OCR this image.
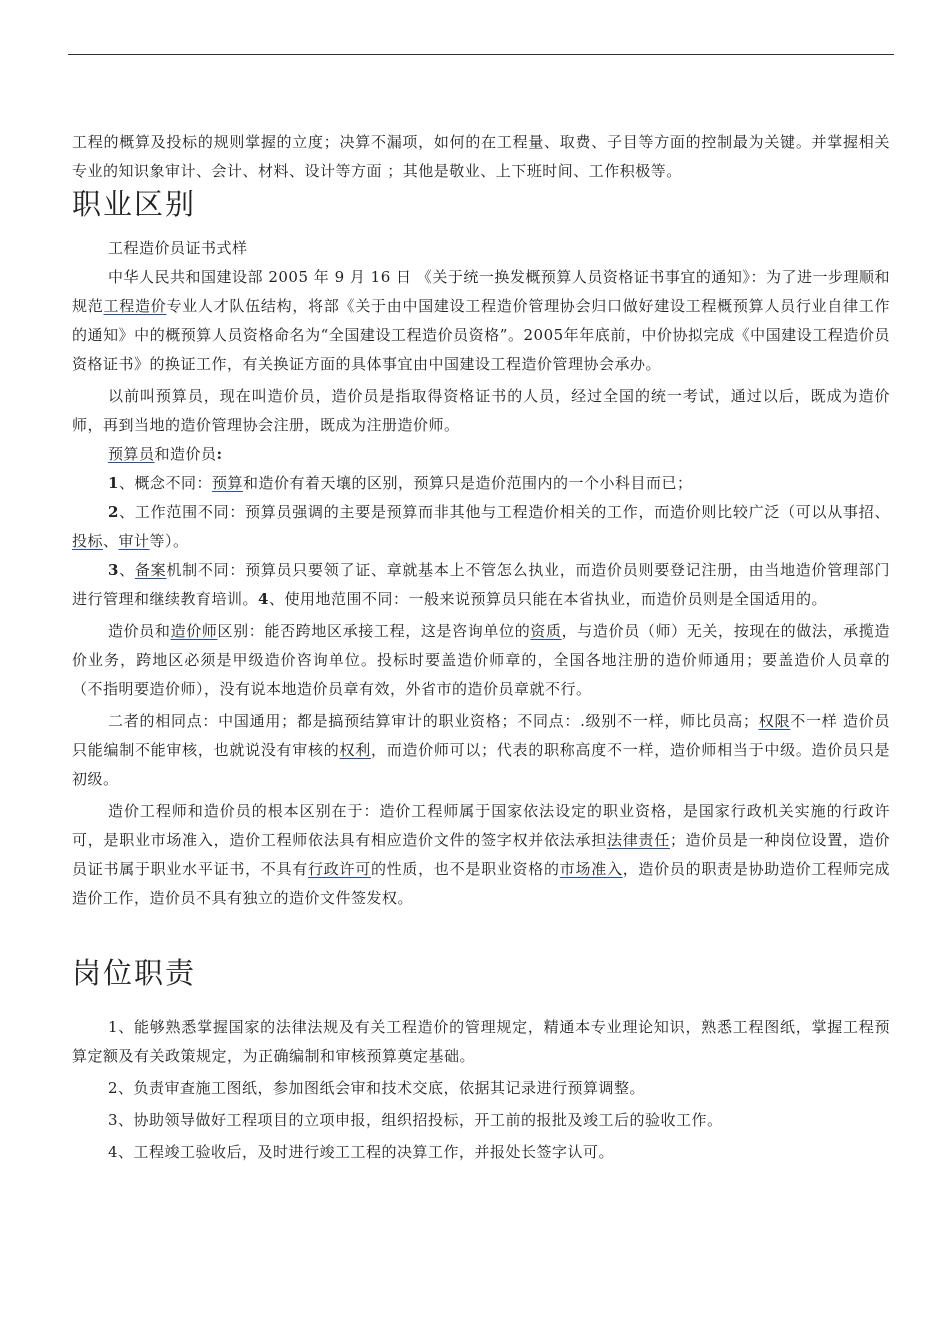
工程的概算及投标的规则掌握的立度；决算不漏项，如何的在工程量、取费、子目等方面的控制最为关键。并掌握相关专业的知识象审计、会计、材料、设计等方面 ；其他是敬业、上下班时间、工作积极等。

职业区别

工程造价员证书式样

中华人民共和国建设部 2005 年 9 月 16 日 《关于统一换发概预算人员资格证书事宜的通知》：为了进一步理顺和规范工程造价专业人才队伍结构，将部《关于由中国建设工程造价管理协会归口做好建设工程概预算人员行业自律工作的通知》中的概预算人员资格命名为“全国建设工程造价员资格”。2005年年底前，中价协拟完成《中国建设工程造价员资格证书》的换证工作，有关换证方面的具体事宜由中国建设工程造价管理协会承办。

以前叫预算员，现在叫造价员，造价员是指取得资格证书的人员，经过全国的统一考试，通过以后，既成为造价师，再到当地的造价管理协会注册，既成为注册造价师。

预算员和造价员:

1、概念不同：预算和造价有着天壤的区别，预算只是造价范围内的一个小科目而已；

2、工作范围不同：预算员强调的主要是预算而非其他与工程造价相关的工作，而造价则比较广泛（可以从事招、投标、审计等）。

3、备案机制不同：预算员只要领了证、章就基本上不管怎么执业，而造价员则要登记注册，由当地造价管理部门进行管理和继续教育培训。4、使用地范围不同：一般来说预算员只能在本省执业，而造价员则是全国适用的。

造价员和造价师区别：能否跨地区承接工程，这是咨询单位的资质，与造价员（师）无关，按现在的做法，承揽造价业务，跨地区必须是甲级造价咨询单位。投标时要盖造价师章的，全国各地注册的造价师通用；要盖造价人员章的（不指明要造价师），没有说本地造价员章有效，外省市的造价员章就不行。

二者的相同点：中国通用；都是搞预结算审计的职业资格；不同点：.级别不一样，师比员高；权限不一样 造价员只能编制不能审核，也就说没有审核的权利，而造价师可以；代表的职称高度不一样，造价师相当于中级。造价员只是初级。

造价工程师和造价员的根本区别在于：造价工程师属于国家依法设定的职业资格，是国家行政机关实施的行政许可，是职业市场准入，造价工程师依法具有相应造价文件的签字权并依法承担法律责任；造价员是一种岗位设置，造价员证书属于职业水平证书，不具有行政许可的性质，也不是职业资格的市场准入，造价员的职责是协助造价工程师完成造价工作，造价员不具有独立的造价文件签发权。

岗位职责

1、能够熟悉掌握国家的法律法规及有关工程造价的管理规定，精通本专业理论知识，熟悉工程图纸，掌握工程预算定额及有关政策规定，为正确编制和审核预算奠定基础。

2、负责审查施工图纸，参加图纸会审和技术交底，依据其记录进行预算调整。

3、协助领导做好工程项目的立项申报，组织招投标，开工前的报批及竣工后的验收工作。

4、工程竣工验收后，及时进行竣工工程的决算工作，并报处长签字认可。
